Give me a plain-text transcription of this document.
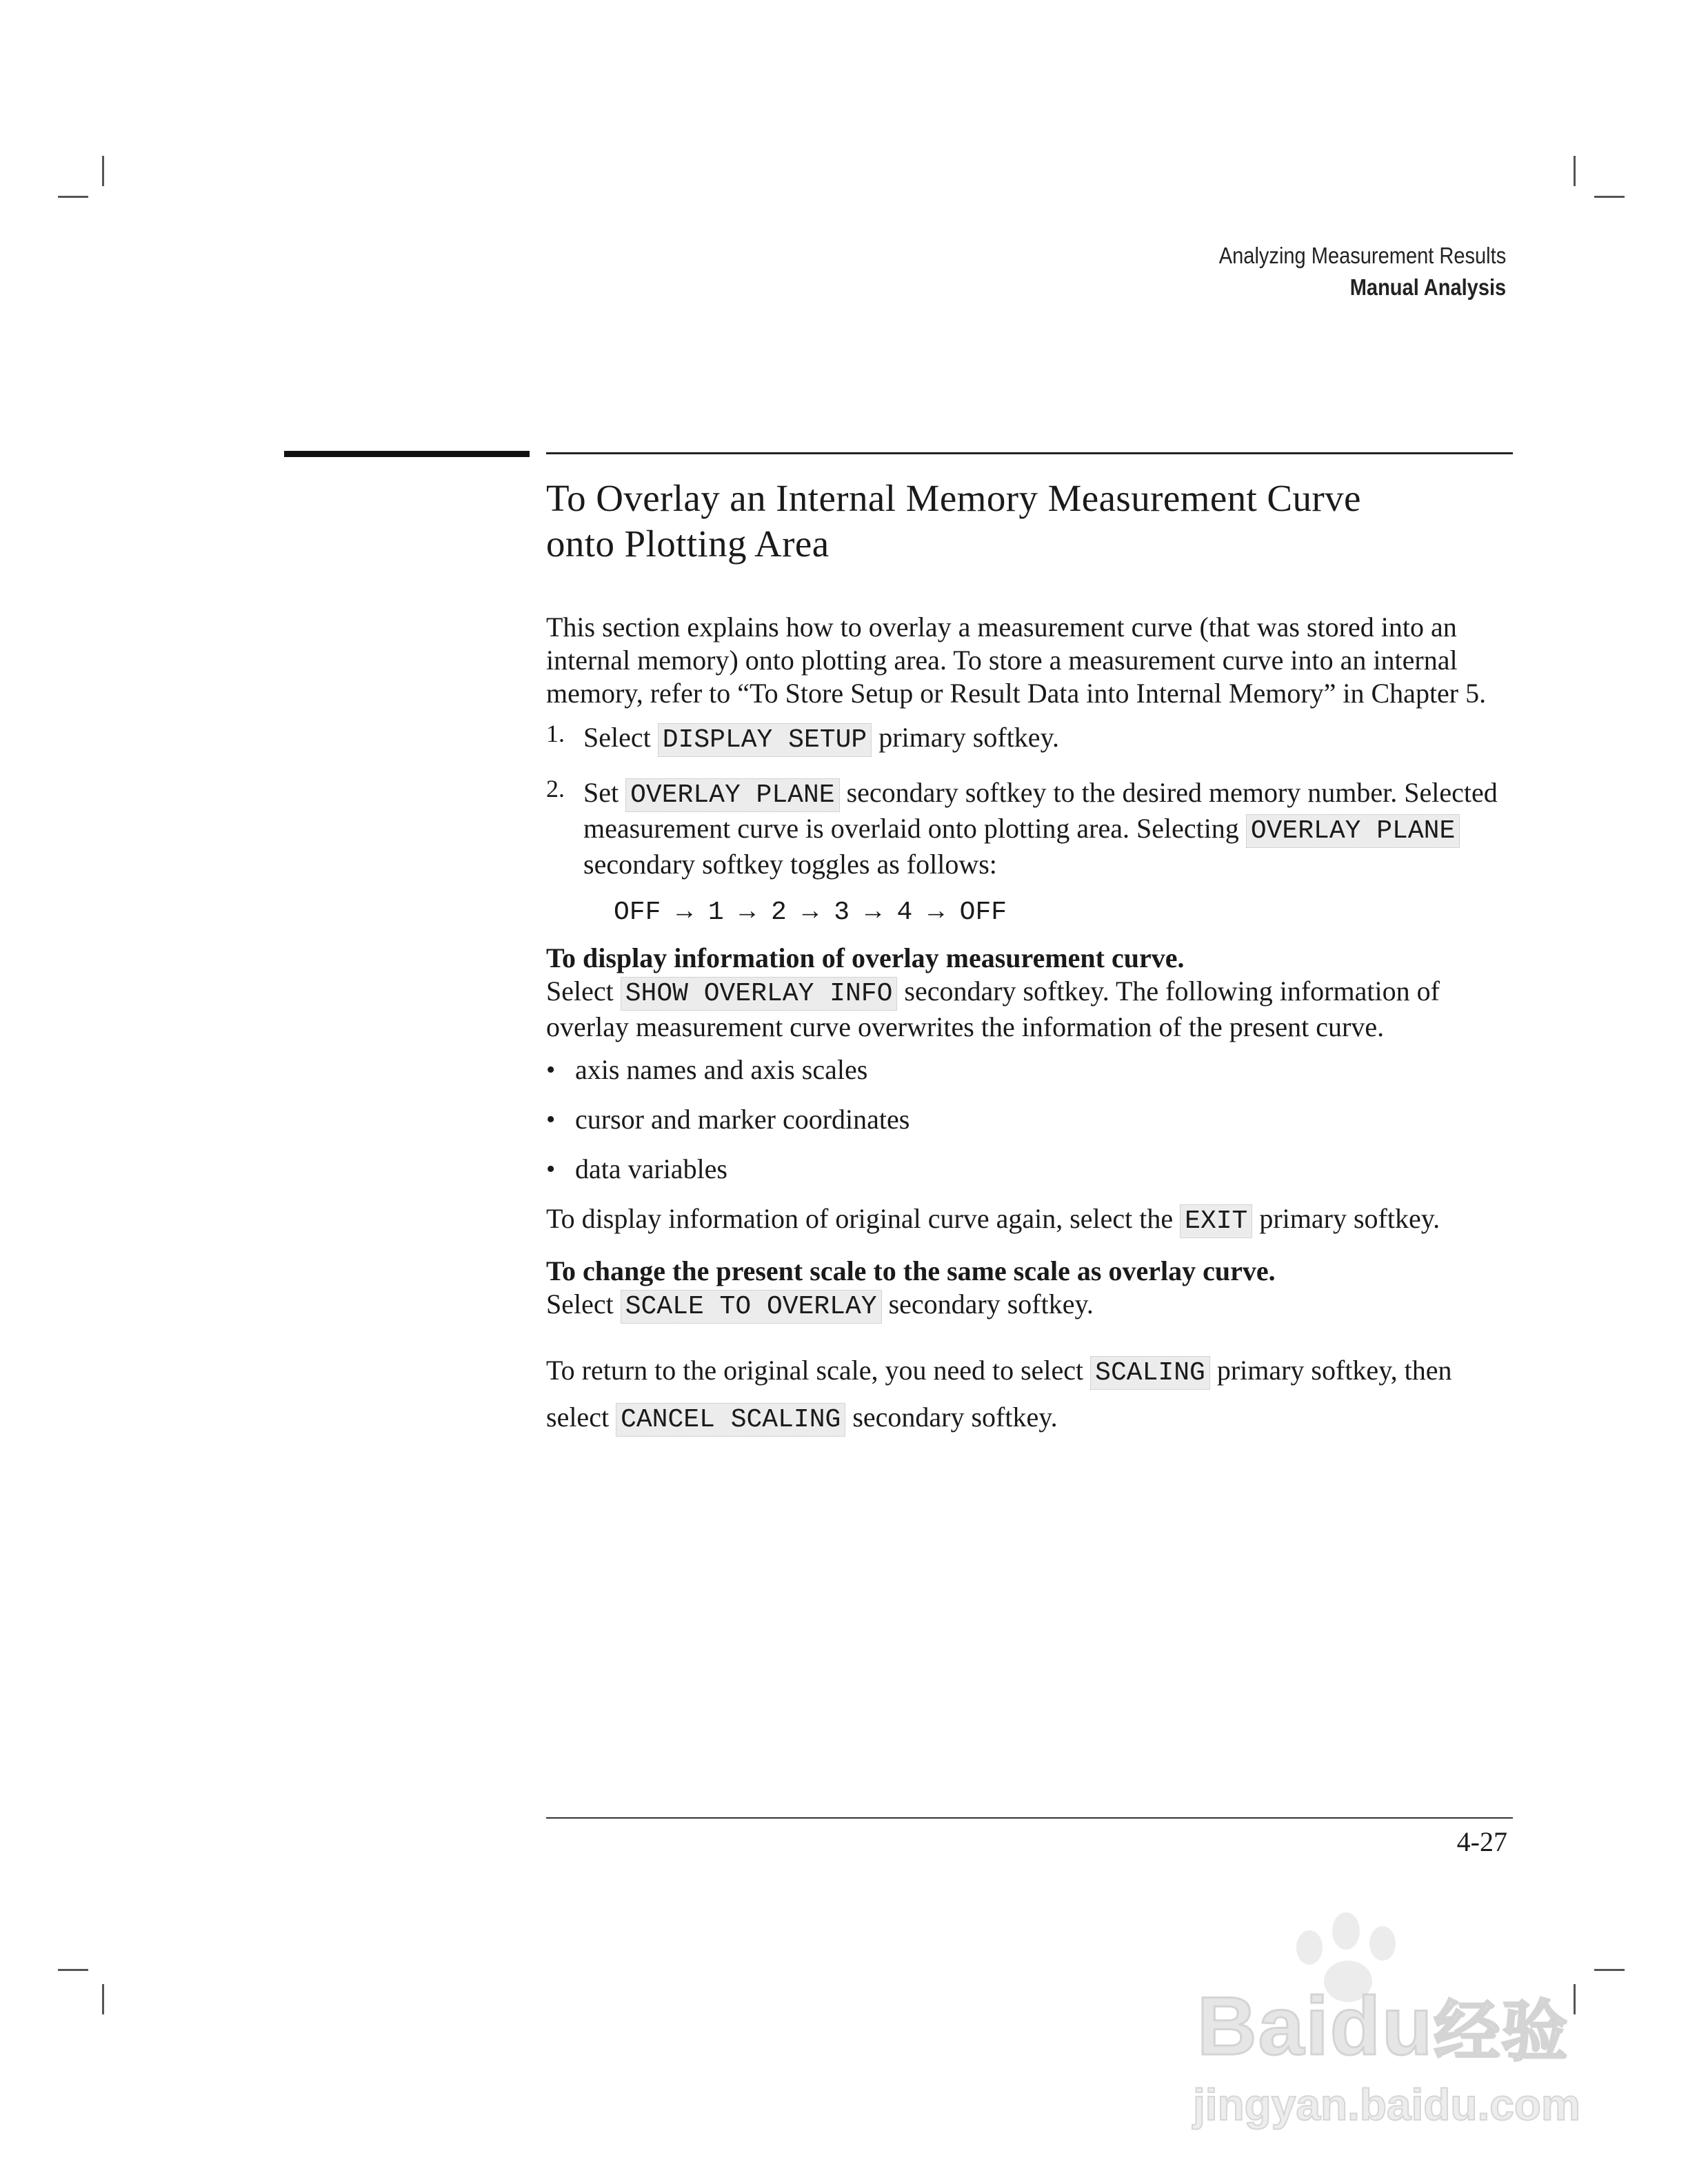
Analyzing Measurement Results
Manual Analysis
To Overlay an Internal Memory Measurement Curve
onto Plotting Area

This section explains how to overlay a measurement curve (that was stored into an internal memory) onto plotting area. To store a measurement curve into an internal memory, refer to “To Store Setup or Result Data into Internal Memory” in Chapter 5.

1. Select DISPLAY SETUP primary softkey.
2. Set OVERLAY PLANE secondary softkey to the desired memory number. Selected measurement curve is overlaid onto plotting area. Selecting OVERLAY PLANE secondary softkey toggles as follows:
OFF → 1 → 2 → 3 → 4 → OFF

To display information of overlay measurement curve.

Select SHOW OVERLAY INFO secondary softkey. The following information of overlay measurement curve overwrites the information of the present curve.

• axis names and axis scales
• cursor and marker coordinates
• data variables

To display information of original curve again, select the EXIT primary softkey.

To change the present scale to the same scale as overlay curve.

Select SCALE TO OVERLAY secondary softkey.

To return to the original scale, you need to select SCALING primary softkey, then select CANCEL SCALING secondary softkey.

4-27
Baidu经验
jingyan.baidu.com
